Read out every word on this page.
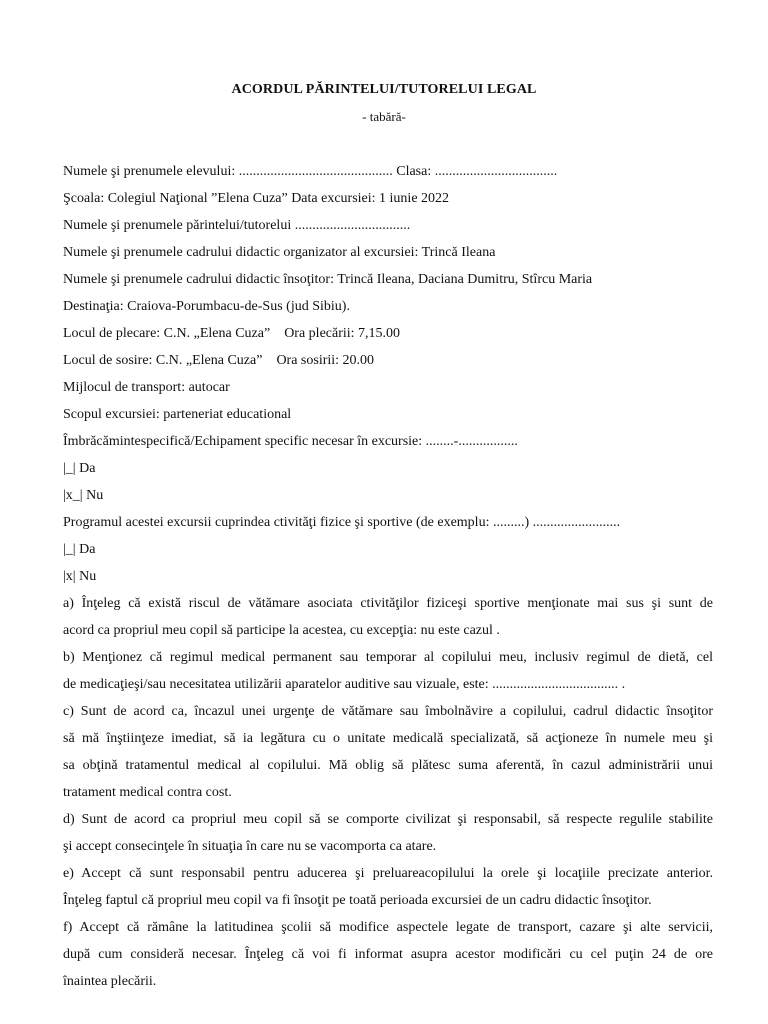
ACORDUL PĂRINTELUI/TUTORELUI LEGAL
- tabără-
Numele şi prenumele elevului: ............................................ Clasa: ...................................
Şcoala: Colegiul Naţional ”Elena Cuza” Data excursiei: 1 iunie 2022
Numele şi prenumele părintelui/tutorelui .................................
Numele şi prenumele cadrului didactic organizator al excursiei: Trincă Ileana
Numele şi prenumele cadrului didactic însoţitor: Trincă Ileana, Daciana Dumitru, Stîrcu Maria
Destinaţia: Craiova-Porumbacu-de-Sus (jud Sibiu).
Locul de plecare: C.N. „Elena Cuza” Ora plecării: 7,15.00
Locul de sosire: C.N. „Elena Cuza” Ora sosirii: 20.00
Mijlocul de transport: autocar
Scopul excursiei: parteneriat educational
Îmbrăcămintespecifică/Echipament specific necesar în excursie: ........-.................
|_| Da
|x_| Nu
Programul acestei excursii cuprindea ctivităţi fizice şi sportive (de exemplu: .........) .........................
|_| Da
|x| Nu
a) Înţeleg că există riscul de vătămare asociata ctivităţilor fiziceşi sportive menţionate mai sus şi sunt de
acord ca propriul meu copil să participe la acestea, cu excepţia: nu este cazul .
b) Menţionez că regimul medical permanent sau temporar al copilului meu, inclusiv regimul de dietă, cel
de medicaţieşi/sau necesitatea utilizării aparatelor auditive sau vizuale, este: .................................... .
c) Sunt de acord ca, încazul unei urgenţe de vătămare sau îmbolnăvire a copilului, cadrul didactic însoţitor
să mă înştiinţeze imediat, să ia legătura cu o unitate medicală specializată, să acţioneze în numele meu şi
sa obţină tratamentul medical al copilului. Mă oblig să plătesc suma aferentă, în cazul administrării unui
tratament medical contra cost.
d) Sunt de acord ca propriul meu copil să se comporte civilizat şi responsabil, să respecte regulile stabilite
şi accept consecinţele în situaţia în care nu se vacomporta ca atare.
e) Accept că sunt responsabil pentru aducerea şi preluareacopilului la orele şi locaţiile precizate anterior.
Înţeleg faptul că propriul meu copil va fi însoţit pe toată perioada excursiei de un cadru didactic însoţitor.
f) Accept că rămâne la latitudinea şcolii să modifice aspectele legate de transport, cazare şi alte servicii,
după cum consideră necesar. Înţeleg că voi fi informat asupra acestor modificări cu cel puţin 24 de ore
înaintea plecării.
